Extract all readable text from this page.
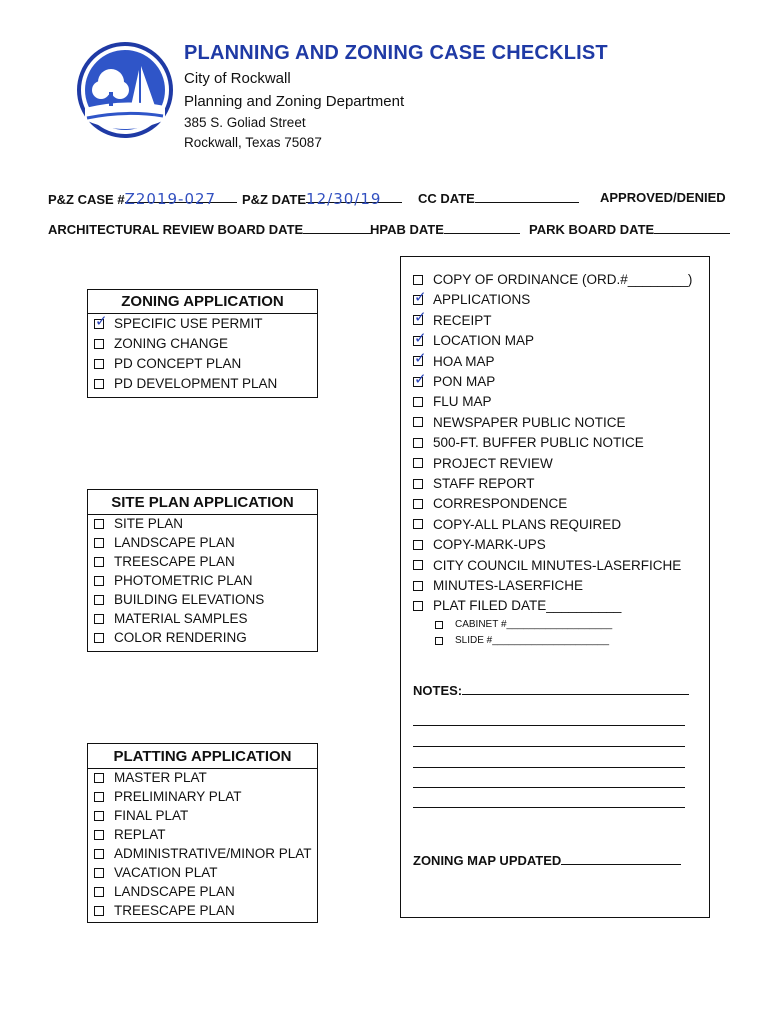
PLANNING AND ZONING CASE CHECKLIST
City of Rockwall
Planning and Zoning Department
385 S. Goliad Street
Rockwall, Texas 75087
P&Z CASE #Z2019-027	P&Z DATE12/30/19	CC DATE	APPROVED/DENIED
ARCHITECTURAL REVIEW BOARD DATE	HPAB DATE	PARK BOARD DATE
ZONING APPLICATION
✓ SPECIFIC USE PERMIT
ZONING CHANGE
PD CONCEPT PLAN
PD DEVELOPMENT PLAN
SITE PLAN APPLICATION
SITE PLAN
LANDSCAPE PLAN
TREESCAPE PLAN
PHOTOMETRIC PLAN
BUILDING ELEVATIONS
MATERIAL SAMPLES
COLOR RENDERING
PLATTING APPLICATION
MASTER PLAT
PRELIMINARY PLAT
FINAL PLAT
REPLAT
ADMINISTRATIVE/MINOR PLAT
VACATION PLAT
LANDSCAPE PLAN
TREESCAPE PLAN
COPY OF ORDINANCE (ORD.#________)
✓ APPLICATIONS
✓ RECEIPT
✓ LOCATION MAP
✓ HOA MAP
✓ PON MAP
FLU MAP
NEWSPAPER PUBLIC NOTICE
500-FT. BUFFER PUBLIC NOTICE
PROJECT REVIEW
STAFF REPORT
CORRESPONDENCE
COPY-ALL PLANS REQUIRED
COPY-MARK-UPS
CITY COUNCIL MINUTES-LASERFICHE
MINUTES-LASERFICHE
PLAT FILED DATE__________
CABINET #___________________
SLIDE #_____________________
NOTES:
ZONING MAP UPDATED
